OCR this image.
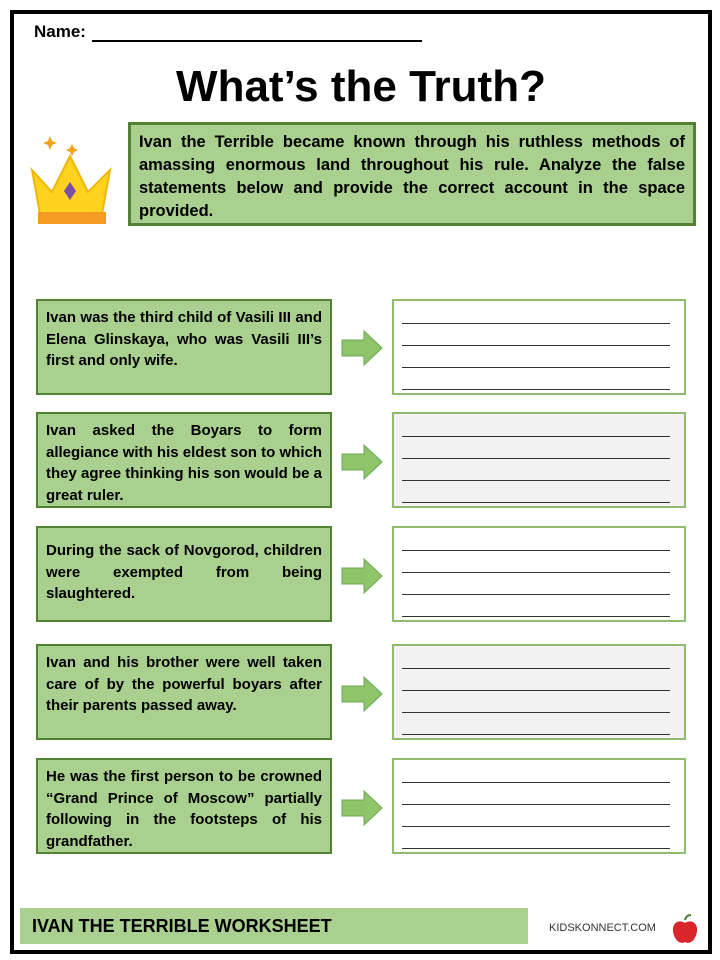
Name:
What’s the Truth?
Ivan the Terrible became known through his ruthless methods of amassing enormous land throughout his rule. Analyze the false statements below and provide the correct account in the space provided.
Ivan was the third child of Vasili III and Elena Glinskaya, who was Vasili III’s first and only wife.
Ivan asked the Boyars to form allegiance with his eldest son to which they agree thinking his son would be a great ruler.
During the sack of Novgorod, children were exempted from being slaughtered.
Ivan and his brother were well taken care of by the powerful boyars after their parents passed away.
He was the first person to be crowned “Grand Prince of Moscow” partially following in the footsteps of his grandfather.
IVAN THE TERRIBLE WORKSHEET	KIDSKONNECT.COM
